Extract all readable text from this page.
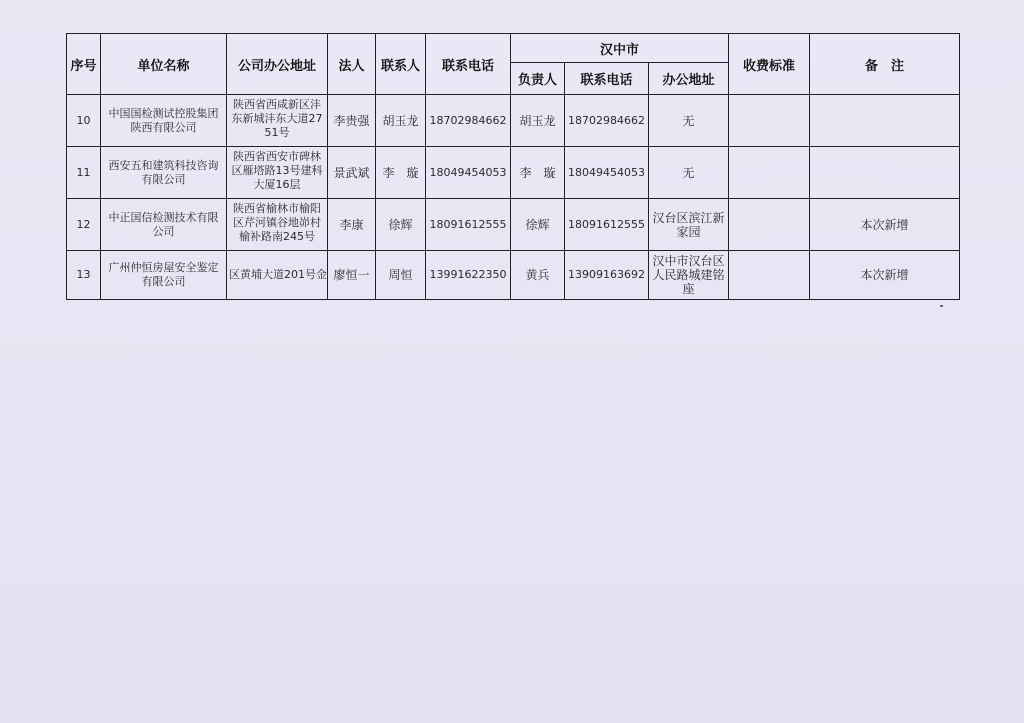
序号	单位名称	公司办公地址	法人	联系人	联系电话	汉中市			收费标准	备　注
						负责人	联系电话	办公地址		
10	中国国检测试控股集团陕西有限公司	陕西省西咸新区沣东新城沣东大道2751号	李贵强	胡玉龙	18702984662	胡玉龙	18702984662	无		
11	西安五和建筑科技咨询有限公司	陕西省西安市碑林区雁塔路13号建科大厦16层	景武斌	李　璇	18049454053	李　璇	18049454053	无		
12	中正国信检测技术有限公司	陕西省榆林市榆阳区芹河镇谷地峁村榆补路南245号	李康	徐辉	18091612555	徐辉	18091612555	汉台区滨江新家园		本次新增
13	广州仲恒房屋安全鉴定有限公司	区黄埔大道201号金	廖恒一	周恒	13991622350	黄兵	13909163692	汉中市汉台区人民路城建铭座		本次新增
